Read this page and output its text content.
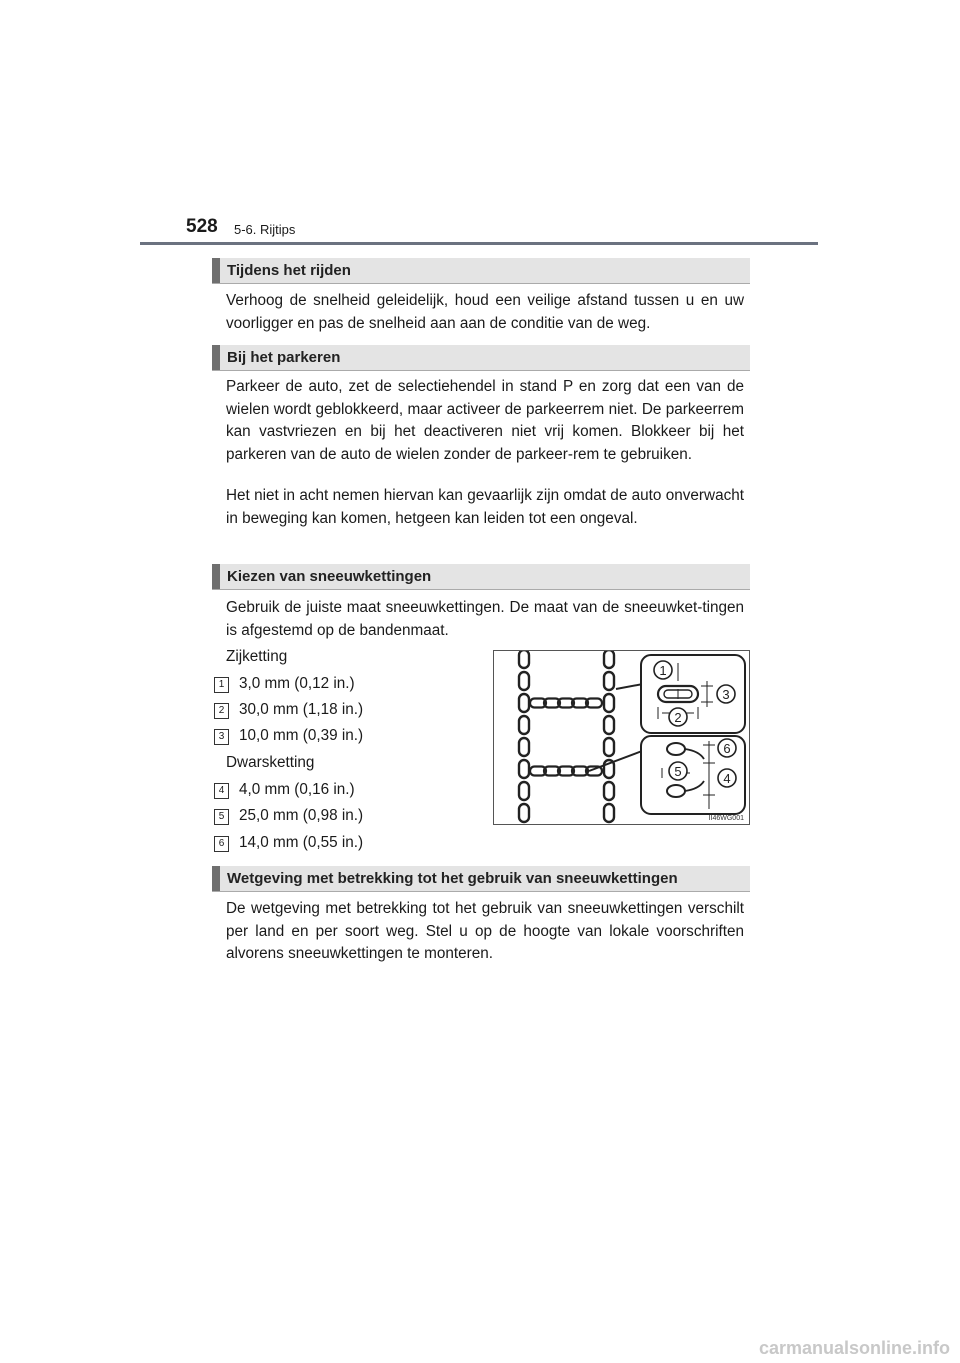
528 5-6. Rijtips
Tijdens het rijden

Verhoog de snelheid geleidelijk, houd een veilige afstand tussen u en uw voorligger en pas de snelheid aan aan de conditie van de weg.

Bij het parkeren

Parkeer de auto, zet de selectiehendel in stand P en zorg dat een van de wielen wordt geblokkeerd, maar activeer de parkeerrem niet. De parkeerrem kan vastvriezen en bij het deactiveren niet vrij komen. Blokkeer bij het parkeren van de auto de wielen zonder de parkeer-rem te gebruiken.

Het niet in acht nemen hiervan kan gevaarlijk zijn omdat de auto onverwacht in beweging kan komen, hetgeen kan leiden tot een ongeval.

Kiezen van sneeuwkettingen

Gebruik de juiste maat sneeuwkettingen. De maat van de sneeuwket-tingen is afgestemd op de bandenmaat.

Zijketting
1 3,0 mm (0,12 in.)
2 30,0 mm (1,18 in.)
3 10,0 mm (0,39 in.)
Dwarsketting
4 4,0 mm (0,16 in.)
5 25,0 mm (0,98 in.)
6 14,0 mm (0,55 in.)
1
2
3
4
5
6
II46WG001
Wetgeving met betrekking tot het gebruik van sneeuwkettingen

De wetgeving met betrekking tot het gebruik van sneeuwkettingen verschilt per land en per soort weg. Stel u op de hoogte van lokale voorschriften alvorens sneeuwkettingen te monteren.

carmanualsonline.info
